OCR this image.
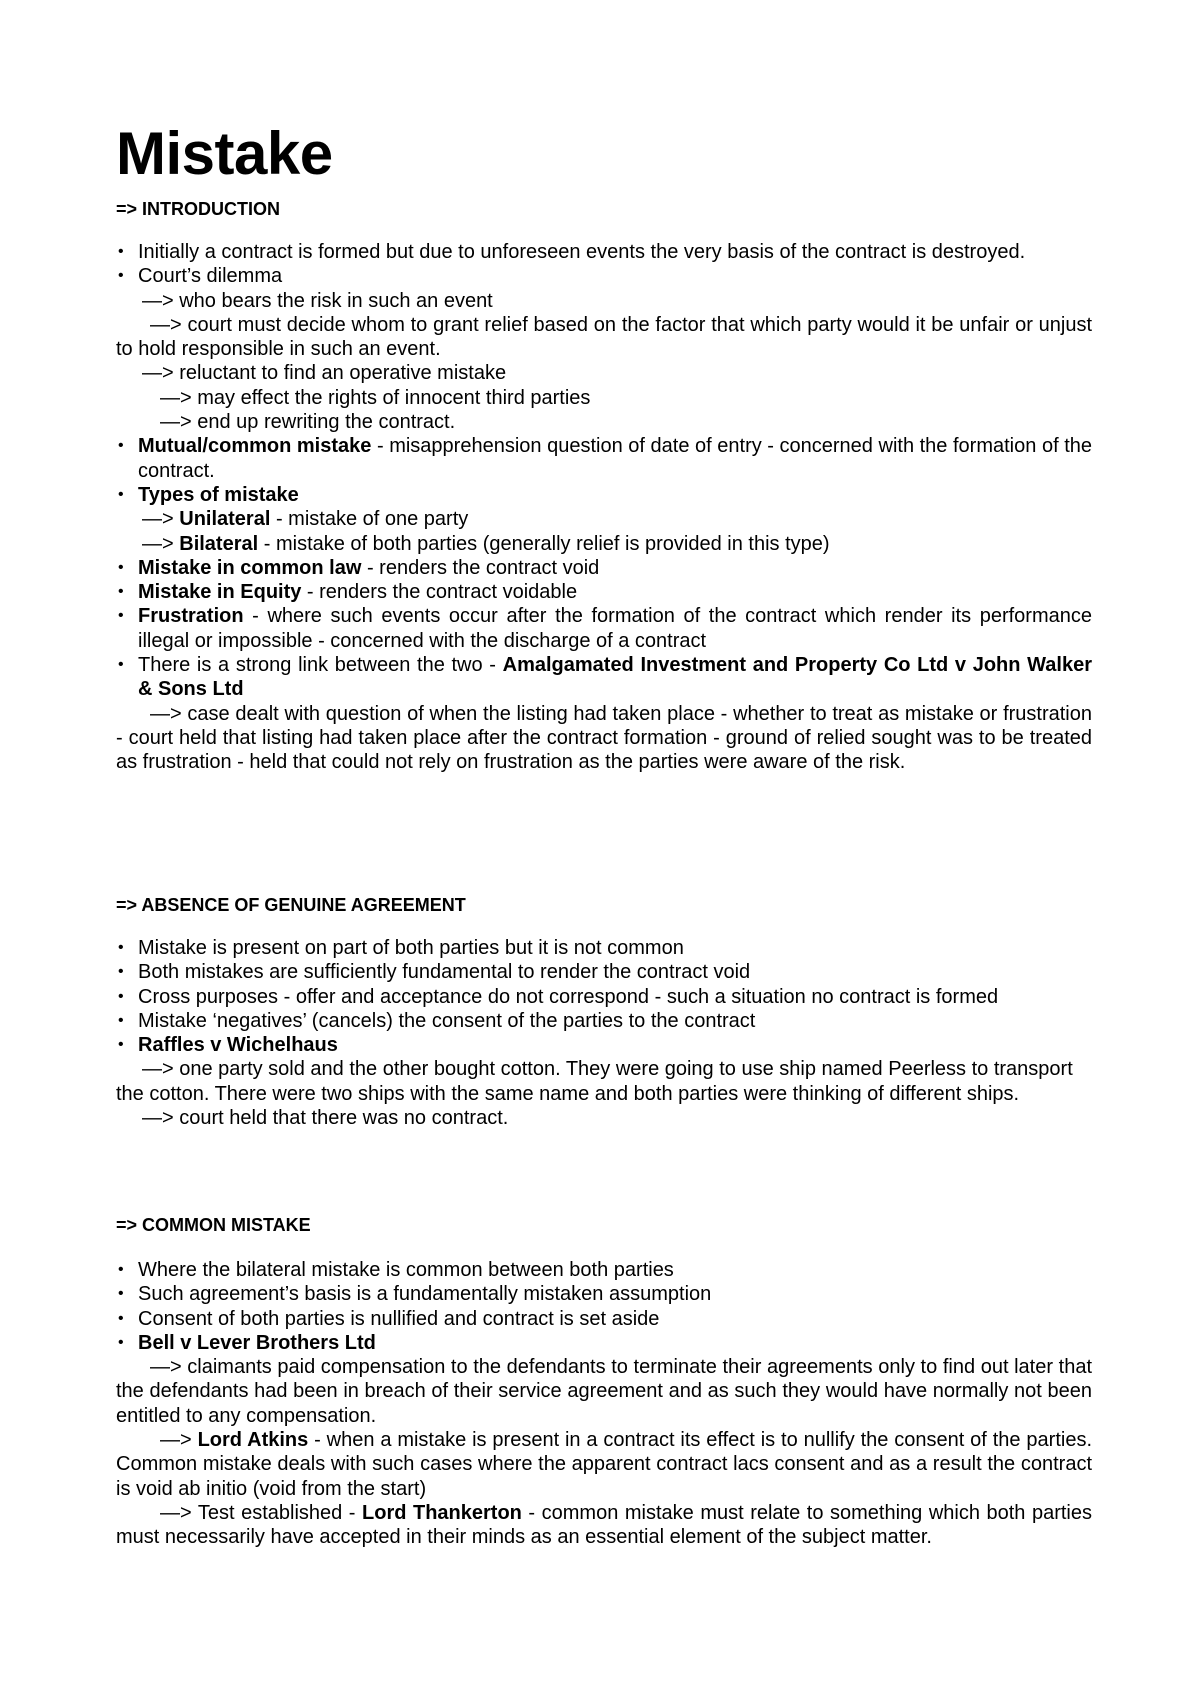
Mistake
=> INTRODUCTION

• Initially a contract is formed but due to unforeseen events the very basis of the contract is destroyed.

• Court’s dilemma

—> who bears the risk in such an event

—> court must decide whom to grant relief based on the factor that which party would it be unfair or unjust to hold responsible in such an event.

—> reluctant to find an operative mistake

—> may effect the rights of innocent third parties

—> end up rewriting the contract.

• Mutual/common mistake - misapprehension question of date of entry - concerned with the formation of the contract.

• Types of mistake

—> Unilateral - mistake of one party

—> Bilateral - mistake of both parties (generally relief is provided in this type)

• Mistake in common law - renders the contract void

• Mistake in Equity - renders the contract voidable

• Frustration - where such events occur after the formation of the contract which render its performance illegal or impossible - concerned with the discharge of a contract

• There is a strong link between the two - Amalgamated Investment and Property Co Ltd v John Walker & Sons Ltd

—> case dealt with question of when the listing had taken place - whether to treat as mistake or frustration - court held that listing had taken place after the contract formation - ground of relied sought was to be treated as frustration - held that could not rely on frustration as the parties were aware of the risk.

=> ABSENCE OF GENUINE AGREEMENT

• Mistake is present on part of both parties but it is not common

• Both mistakes are sufficiently fundamental to render the contract void

• Cross purposes - offer and acceptance do not correspond - such a situation no contract is formed

• Mistake ‘negatives’ (cancels) the consent of the parties to the contract

• Raffles v Wichelhaus

—> one party sold and the other bought cotton. They were going to use ship named Peerless to transport the cotton. There were two ships with the same name and both parties were thinking of different ships.

—> court held that there was no contract.

=> COMMON MISTAKE

• Where the bilateral mistake is common between both parties

• Such agreement’s basis is a fundamentally mistaken assumption

• Consent of both parties is nullified and contract is set aside

• Bell v Lever Brothers Ltd

—> claimants paid compensation to the defendants to terminate their agreements only to find out later that the defendants had been in breach of their service agreement and as such they would have normally not been entitled to any compensation.

—> Lord Atkins - when a mistake is present in a contract its effect is to nullify the consent of the parties. Common mistake deals with such cases where the apparent contract lacs consent and as a result the contract is void ab initio (void from the start)

—> Test established - Lord Thankerton - common mistake must relate to something which both parties must necessarily have accepted in their minds as an essential element of the subject matter.
